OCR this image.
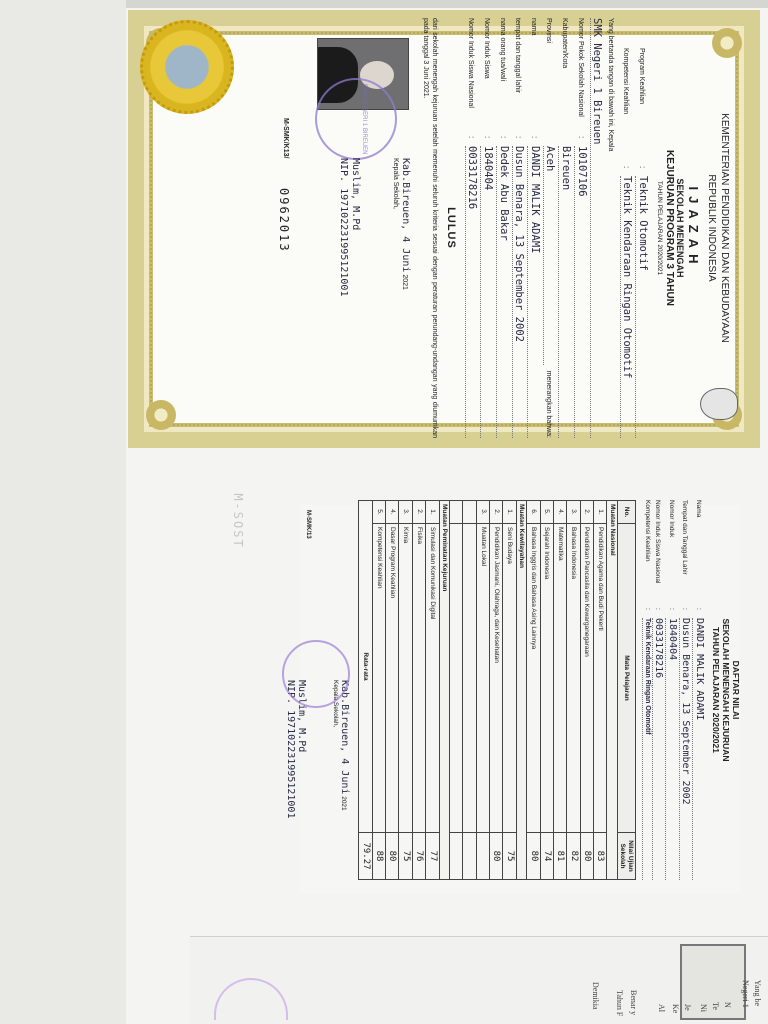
KEMENTERIAN PENDIDIKAN DAN KEBUDAYAAN
REPUBLIK INDONESIA
IJAZAH
SEKOLAH MENENGAH
KEJURUAN PROGRAM 3 TAHUN
TAHUN PELAJARAN 2020/2021
Program Keahlian
:
Teknik Otomotif
Kompetensi Keahlian
:
Teknik Kendaraan Ringan Otomotif
Yang bertanda tangan di bawah ini, Kepala
SMK Negeri 1 Bireuen
Nomor Pokok Sekolah Nasional
:
10107106
Kabupaten/Kota
Bireuen
Provinsi
Aceh
menerangkan bahwa:
nama
:
DANDI MALIK ADAMI
tempat dan tanggal lahir
:
Dusun Benara, 13 September 2002
nama orang tua/wali
:
Dedek Abu Bakar
Nomor Induk Siswa
:
1840404
Nomor Induk Siswa Nasional
:
0033178216
LULUS
dari sekolah menengah kejuruan setelah memenuhi seluruh kriteria sesuai dengan peraturan perundang-undangan yang diumumkan pada tanggal 3 Juni 2021.
SMK NEGERI 1 BIREUEN
Kab.Bireuen, 4 Juni 2021
Kepala Sekolah,
Muslim, M.Pd
NIP. 197102231995121001
M-SMK/K13/
0962013
M-SOST
DAFTAR NILAI
SEKOLAH MENENGAH KEJURUAN
TAHUN PELAJARAN 2020/2021
Nama
:
DANDI MALIK ADAMI
Tempat dan Tanggal Lahir
:
Dusun Benara, 13 September 2002
Nomor Induk
:
1840404
Nomor Induk Siswa Nasional
:
0033178216
Kompetensi Keahlian
:
Teknik Kendaraan Ringan Otomotif
No.	Mata Pelajaran	Nilai Ujian Sekolah
Muatan Nasional		
1.	Pendidikan Agama dan Budi Pekerti	83
2.	Pendidikan Pancasila dan Kewarganegaraan	80
3.	Bahasa Indonesia	82
4.	Matematika	81
5.	Sejarah Indonesia	74
6.	Bahasa Inggris dan Bahasa Asing Lainnya	80
Muatan Kewilayahan		
1.	Seni Budaya	75
2.	Pendidikan Jasmani, Olahraga, dan Kesehatan	80
3.	Muatan Lokal	

Muatan Peminatan Kejuruan		
1.	Simulasi dan Komunikasi Digital	77
2.	Fisika	76
3.	Kimia	75
4.	Dasar Program Keahlian	80
5.	Kompetensi Keahlian	88
Rata-rata		79.27
Kab.Bireuen, 4 Juni 2021
Kepala Sekolah,
Muslim, M.Pd
NIP. 197102231995121001
M-SMK/13
Yang be
Negeri 1
N
Te
Ni
Je
Ke
Al
Benar y
Tahun F
Demikia
